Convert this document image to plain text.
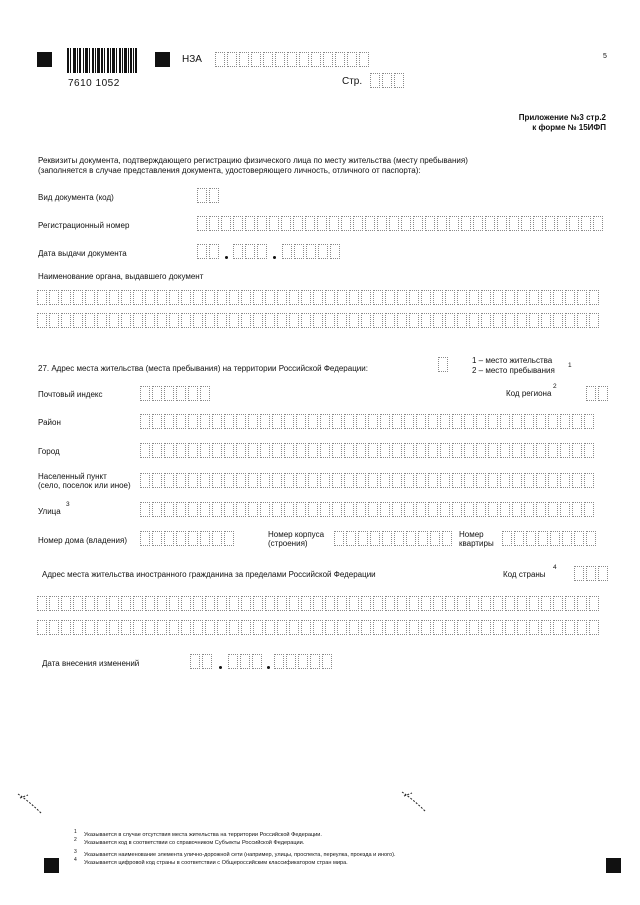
7610 1052
5
НЗА
Стр.
Приложение №3 стр.2
к форме № 15ИФП
Реквизиты документа, подтверждающего регистрацию физического лица по месту жительства (месту пребывания)
(заполняется в случае представления документа, удостоверяющего личность, отличного от паспорта):
Вид документа (код)
Регистрационный номер
Дата выдачи документа
Наименование органа, выдавшего документ
27. Адрес места жительства (места пребывания) на территории Российской Федерации:
1 – место жительства
1
2 – место пребывания
Почтовый индекс	Код региона
2
Район
Город
Населенный пункт
(село, поселок или иное)
Улица
3
Номер дома (владения)
Номер корпуса
(строения)
Номер
квартиры
Адрес места жительства иностранного гражданина за пределами Российской Федерации	Код страны
4
Дата внесения изменений
1 Указывается в случае отсутствия места жительства на территории Российской Федерации.
2 Указывается код в соответствии со справочником Субъекты Российской Федерации.
3 Указывается наименование элемента улично-дорожной сети (например, улицы, проспекта, переулка, проезда и иного).
4 Указывается цифровой код страны в соответствии с Общероссийским классификатором стран мира.
